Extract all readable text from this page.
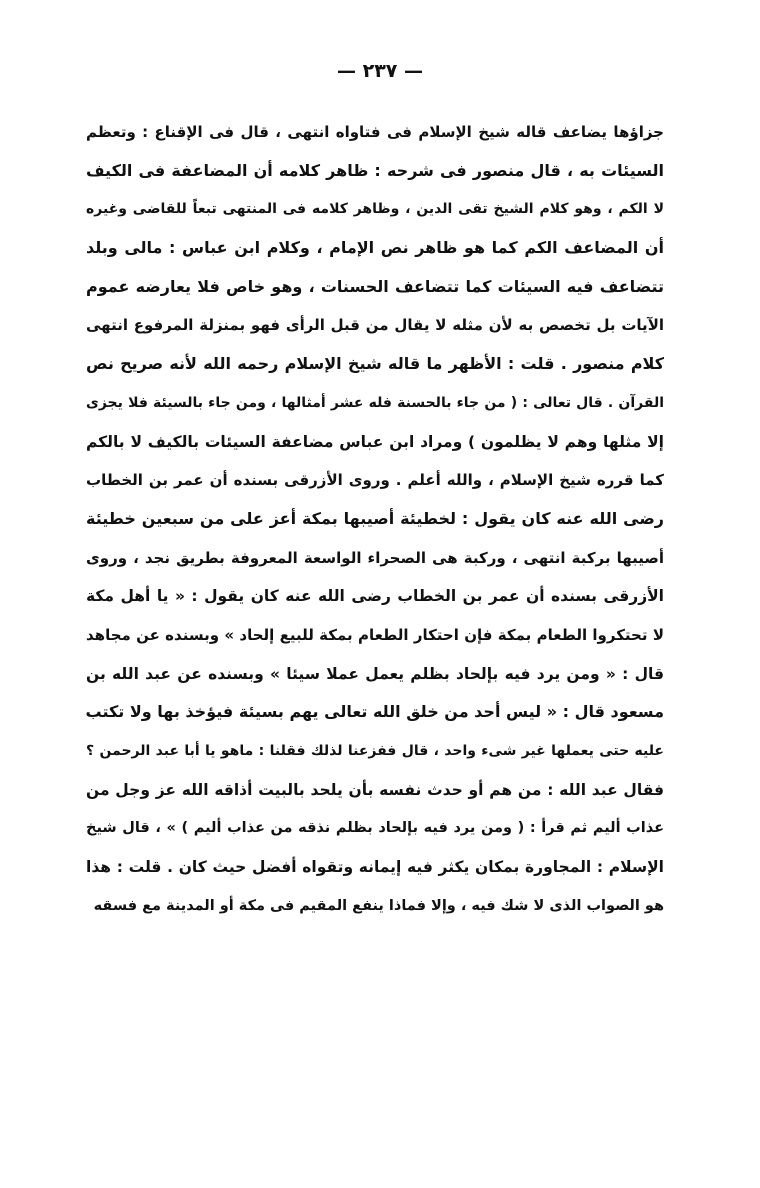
— ٢٣٧ —
جزاؤها يضاعف قاله شيخ الإسلام فى فتاواه انتهى ، قال فى الإقناع : وتعظم
السيئات به ، قال منصور فى شرحه : ظاهر كلامه أن المضاعفة فى الكيف
لا الكم ، وهو كلام الشيخ تقى الدين ، وظاهر كلامه فى المنتهى تبعاً للقاضى وغيره
أن المضاعف الكم كما هو ظاهر نص الإمام ، وكلام ابن عباس : مالى وبلد
تتضاعف فيه السيئات كما تتضاعف الحسنات ، وهو خاص فلا يعارضه عموم
الآيات بل تخصص به لأن مثله لا يقال من قبل الرأى فهو بمنزلة المرفوع انتهى
كلام منصور . قلت : الأظهر ما قاله شيخ الإسلام رحمه الله لأنه صريح نص
القرآن . قال تعالى : ( من جاء بالحسنة فله عشر أمثالها ، ومن جاء بالسيئة فلا يجزى
إلا مثلها وهم لا يظلمون ) ومراد ابن عباس مضاعفة السيئات بالكيف لا بالكم
كما قرره شيخ الإسلام ، والله أعلم . وروى الأزرقى بسنده أن عمر بن الخطاب
رضى الله عنه كان يقول : لخطيئة أصيبها بمكة أعز على من سبعين خطيئة
أصيبها بركبة انتهى ، وركبة هى الصحراء الواسعة المعروفة بطريق نجد ، وروى
الأزرقى بسنده أن عمر بن الخطاب رضى الله عنه كان يقول : « يا أهل مكة
لا تحتكروا الطعام بمكة فإن احتكار الطعام بمكة للبيع إلحاد » وبسنده عن مجاهد
قال : « ومن يرد فيه بإلحاد بظلم يعمل عملا سيئا » وبسنده عن عبد الله بن
مسعود قال : « ليس أحد من خلق الله تعالى يهم بسيئة فيؤخذ بها ولا تكتب
عليه حتى يعملها غير شىء واحد ، قال ففزعنا لذلك فقلنا : ماهو يا أبا عبد الرحمن ؟
فقال عبد الله : من هم أو حدث نفسه بأن يلحد بالبيت أذاقه الله عز وجل من
عذاب أليم ثم قرأ : ( ومن يرد فيه بإلحاد بظلم نذقه من عذاب أليم ) » ، قال شيخ
الإسلام : المجاورة بمكان يكثر فيه إيمانه وتقواه أفضل حيث كان . قلت : هذا
هو الصواب الذى لا شك فيه ، وإلا فماذا ينفع المقيم فى مكة أو المدينة مع فسقه
